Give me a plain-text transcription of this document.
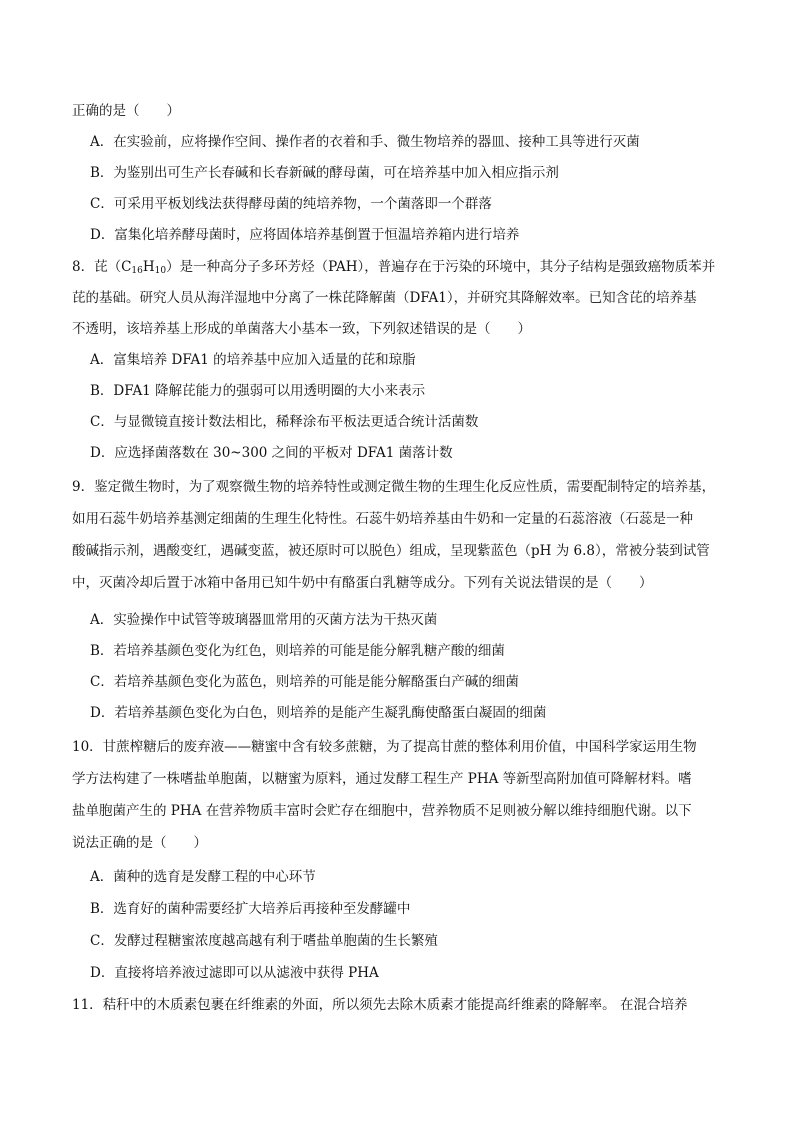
正确的是（　　）
A．在实验前，应将操作空间、操作者的衣着和手、微生物培养的器皿、接种工具等进行灭菌
B．为鉴别出可生产长春碱和长春新碱的酵母菌，可在培养基中加入相应指示剂
C．可采用平板划线法获得酵母菌的纯培养物，一个菌落即一个群落
D．富集化培养酵母菌时，应将固体培养基倒置于恒温培养箱内进行培养
8．芘$(C_{16}H_{10})$是一种高分子多环芳烃（PAH），普遍存在于污染的环境中，其分子结构是强致癌物质苯并
芘的基础。研究人员从海洋湿地中分离了一株芘降解菌（DFA1），并研究其降解效率。已知含芘的培养基
不透明，该培养基上形成的单菌落大小基本一致，下列叙述错误的是（　　）
A．富集培养 DFA1 的培养基中应加入适量的芘和琼脂
B．DFA1 降解芘能力的强弱可以用透明圈的大小来表示
C．与显微镜直接计数法相比，稀释涂布平板法更适合统计活菌数
D．应选择菌落数在 30~300 之间的平板对 DFA1 菌落计数
9．鉴定微生物时，为了观察微生物的培养特性或测定微生物的生理生化反应性质，需要配制特定的培养基，
如用石蕊牛奶培养基测定细菌的生理生化特性。石蕊牛奶培养基由牛奶和一定量的石蕊溶液（石蕊是一种
酸碱指示剂，遇酸变红，遇碱变蓝，被还原时可以脱色）组成，呈现紫蓝色（pH 为 6.8），常被分装到试管
中，灭菌冷却后置于冰箱中备用已知牛奶中有酪蛋白乳糖等成分。下列有关说法错误的是（　　）
A．实验操作中试管等玻璃器皿常用的灭菌方法为干热灭菌
B．若培养基颜色变化为红色，则培养的可能是能分解乳糖产酸的细菌
C．若培养基颜色变化为蓝色，则培养的可能是能分解酪蛋白产碱的细菌
D．若培养基颜色变化为白色，则培养的是能产生凝乳酶使酪蛋白凝固的细菌
10．甘蔗榨糖后的废弃液——糖蜜中含有较多蔗糖，为了提高甘蔗的整体利用价值，中国科学家运用生物
学方法构建了一株嗜盐单胞菌，以糖蜜为原料，通过发酵工程生产 PHA 等新型高附加值可降解材料。嗜
盐单胞菌产生的 PHA 在营养物质丰富时会贮存在细胞中，营养物质不足则被分解以维持细胞代谢。以下
说法正确的是（　　）
A．菌种的选育是发酵工程的中心环节
B．选育好的菌种需要经扩大培养后再接种至发酵罐中
C．发酵过程糖蜜浓度越高越有利于嗜盐单胞菌的生长繁殖
D．直接将培养液过滤即可以从滤液中获得 PHA
11．秸秆中的木质素包裹在纤维素的外面，所以须先去除木质素才能提高纤维素的降解率。 在混合培养
